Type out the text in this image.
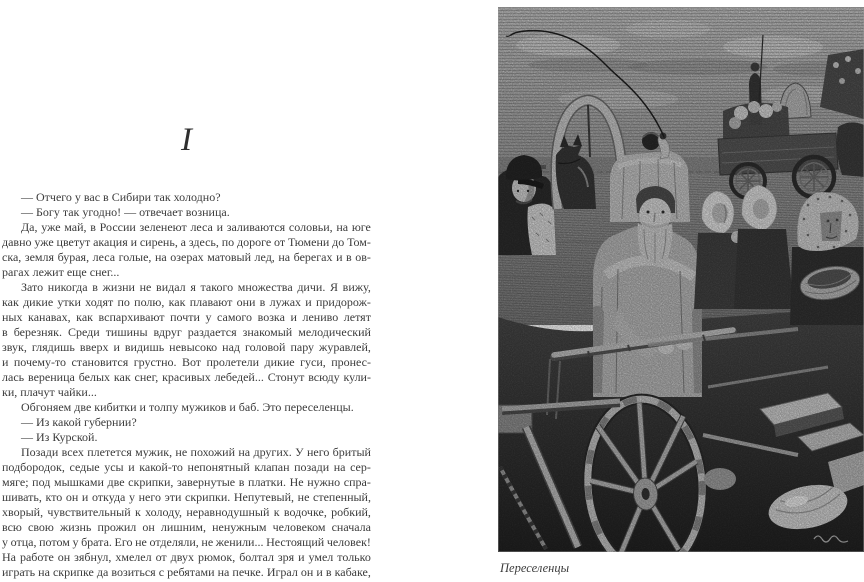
I
— Отчего у вас в Сибири так холодно?
— Богу так угодно! — отвечает возница.
Да, уже май, в России зеленеют леса и заливаются соловьи, на юге
давно уже цветут акация и сирень, а здесь, по дороге от Тюмени до Том-
ска, земля бурая, леса голые, на озерах матовый лед, на берегах и в ов-
рагах лежит еще снег...
Зато никогда в жизни не видал я такого множества дичи. Я вижу,
как дикие утки ходят по полю, как плавают они в лужах и придорож-
ных канавах, как вспархивают почти у самого возка и лениво летят
в березняк. Среди тишины вдруг раздается знакомый мелодический
звук, глядишь вверх и видишь невысоко над головой пару журавлей,
и почему-то становится грустно. Вот пролетели дикие гуси, пронес-
лась вереница белых как снег, красивых лебедей... Стонут всюду кули-
ки, плачут чайки...
Обгоняем две кибитки и толпу мужиков и баб. Это переселенцы.
— Из какой губернии?
— Из Курской.
Позади всех плетется мужик, не похожий на других. У него бритый
подбородок, седые усы и какой-то непонятный клапан позади на сер-
мяге; под мышками две скрипки, завернутые в платки. Не нужно спра-
шивать, кто он и откуда у него эти скрипки. Непутевый, не степенный,
хворый, чувствительный к холоду, неравнодушный к водочке, робкий,
всю свою жизнь прожил он лишним, ненужным человеком сначала
у отца, потом у брата. Его не отделяли, не женили... Нестоящий человек!
На работе он зябнул, хмелел от двух рюмок, болтал зря и умел только
играть на скрипке да возиться с ребятами на печке. Играл он и в кабаке,	Переселенцы
